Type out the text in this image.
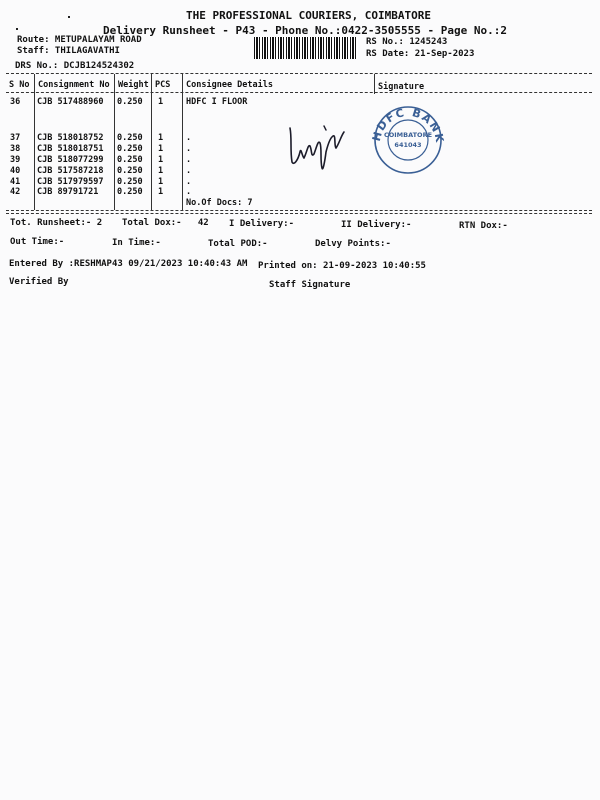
THE PROFESSIONAL COURIERS, COIMBATORE
Delivery Runsheet - P43 - Phone No.:0422-3505555 - Page No.:2
Route: METUPALAYAM ROAD
Staff: THILAGAVATHI
DRS No.: DCJB124524302
RS No.: 1245243
RS Date: 21-Sep-2023
S No Consignment No Weight PCS Consignee Details	Signature
36 CJB 517488960 0.250 1	HDFC I FLOOR
37 CJB 518018752 0.250 1	.
38 CJB 518018751 0.250 1	.
39 CJB 518077299 0.250 1	.
40 CJB 517587218 0.250 1	.
41 CJB 517979597 0.250 1	.
42 CJB 89791721 0.250 1	.
No.Of Docs: 7
HDFC BANK
COIMBATORE
641043
Tot. Runsheet:- 2 Total Dox:-   42 I Delivery:-	II Delivery:-	RTN Dox:-
Out Time:-	In Time:-	Total POD:-	Delvy Points:-
Entered By :RESHMAP43 09/21/2023 10:40:43 AM Printed on: 21-09-2023 10:40:55
Verified By	Staff Signature
